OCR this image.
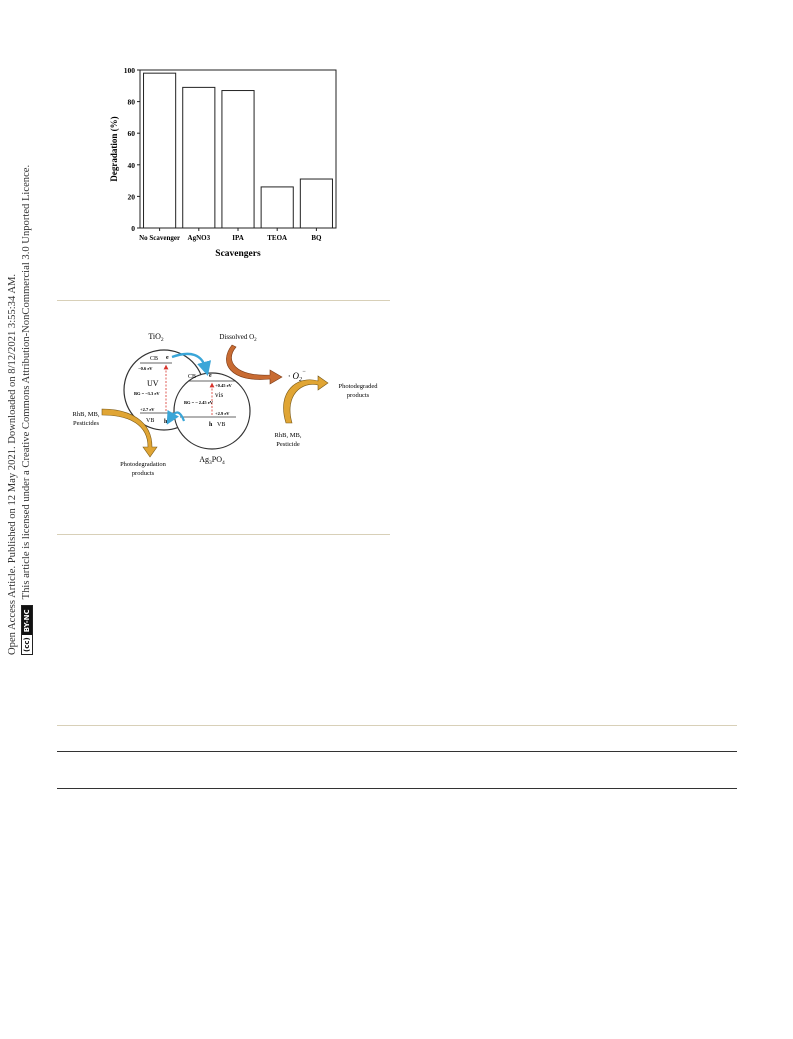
Open Access Article. Published on 12 May 2021. Downloaded on 8/12/2021 3:55:34 AM. (cc)BY-NCThis article is licensed under a Creative Commons Attribution-NonCommercial 3.0 Unported Licence.	0
20
40
60
80
100
No Scavenger AgNO3	IPA	TEOA	BQ
Degradation (%)
Scavengers
TiO$_2$
CB e
−0.6 eV
UV
BG = ~3.3 eV
+2.7 eV
VB h
CB e
+0.45 eV
vis
BG = ~ 2.45 eV
+2.9 eV
h VB
$Ag_3PO_4$
Dissolved $O_2$
· $O_2^-$
Photodegraded
products
RhB, MB,
Pesticide
RhB, MB,
Pesticides
Photodegradation
products
